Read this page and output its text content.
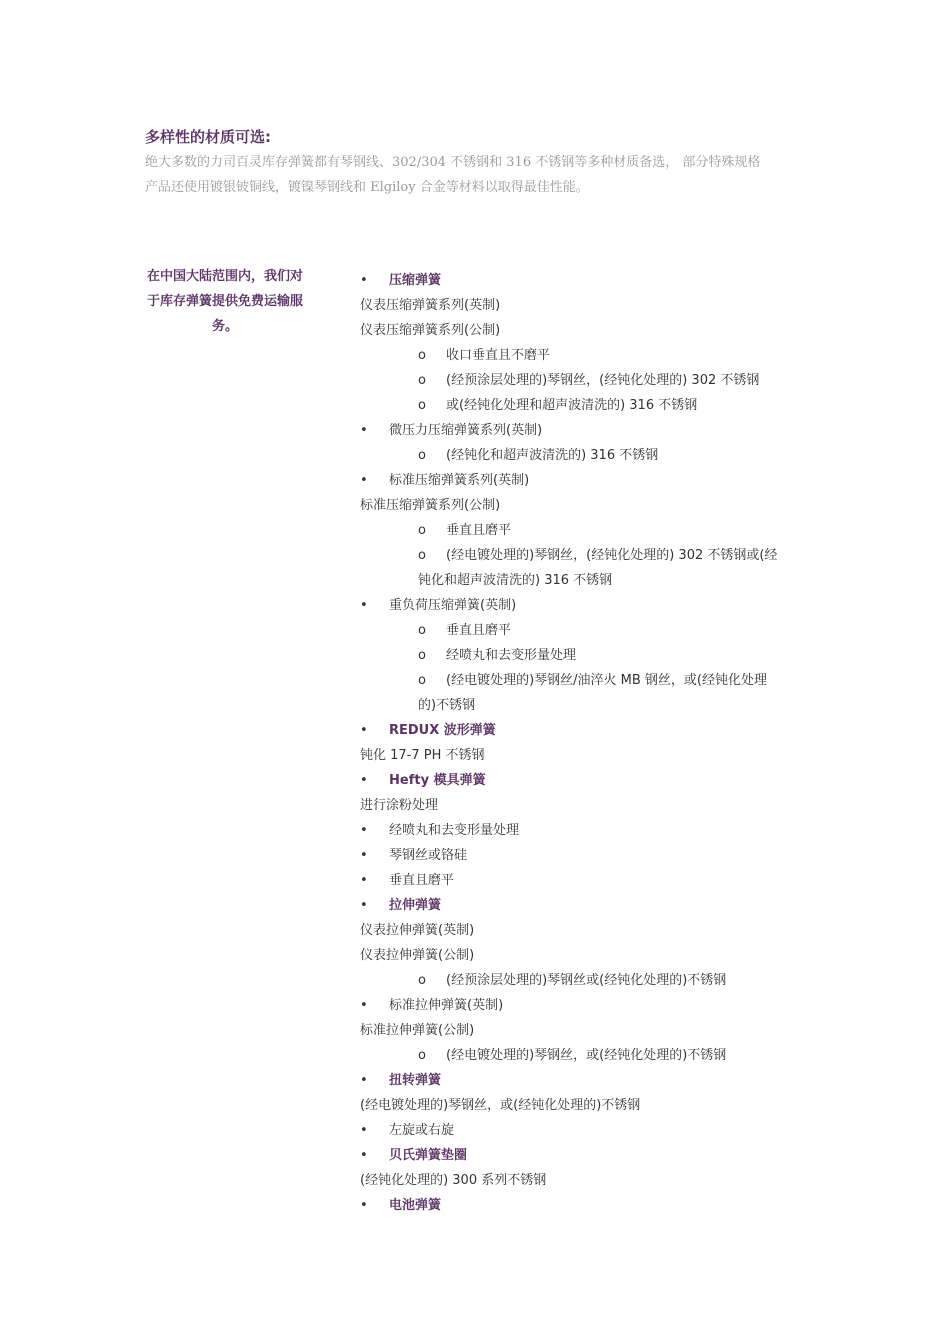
多样性的材质可选:

绝大多数的力司百灵库存弹簧都有琴钢线、302/304 不锈钢和 316 不锈钢等多种材质备选， 部分特殊规格

产品还使用镀银铍铜线，镀镍琴钢线和 Elgiloy 合金等材料以取得最佳性能。

在中国大陆范围内，我们对

于库存弹簧提供免费运输服

务。

• 压缩弹簧
仪表压缩弹簧系列(英制)
仪表压缩弹簧系列(公制)
o 收口垂直且不磨平
o (经预涂层处理的)琴钢丝，(经钝化处理的) 302 不锈钢
o 或(经钝化处理和超声波清洗的) 316 不锈钢
• 微压力压缩弹簧系列(英制)
o (经钝化和超声波清洗的) 316 不锈钢
• 标准压缩弹簧系列(英制)
标准压缩弹簧系列(公制)
o 垂直且磨平
o (经电镀处理的)琴钢丝，(经钝化处理的) 302 不锈钢或(经
钝化和超声波清洗的) 316 不锈钢
• 重负荷压缩弹簧(英制)
o 垂直且磨平
o 经喷丸和去变形量处理
o (经电镀处理的)琴钢丝/油淬火 MB 钢丝，或(经钝化处理
的)不锈钢
• REDUX 波形弹簧
钝化 17-7 PH 不锈钢
• Hefty 模具弹簧
进行涂粉处理
• 经喷丸和去变形量处理
• 琴钢丝或铬硅
• 垂直且磨平
• 拉伸弹簧
仪表拉伸弹簧(英制)
仪表拉伸弹簧(公制)
o (经预涂层处理的)琴钢丝或(经钝化处理的)不锈钢
• 标准拉伸弹簧(英制)
标准拉伸弹簧(公制)
o (经电镀处理的)琴钢丝，或(经钝化处理的)不锈钢
• 扭转弹簧
(经电镀处理的)琴钢丝，或(经钝化处理的)不锈钢
• 左旋或右旋
• 贝氏弹簧垫圈
(经钝化处理的) 300 系列不锈钢
• 电池弹簧
